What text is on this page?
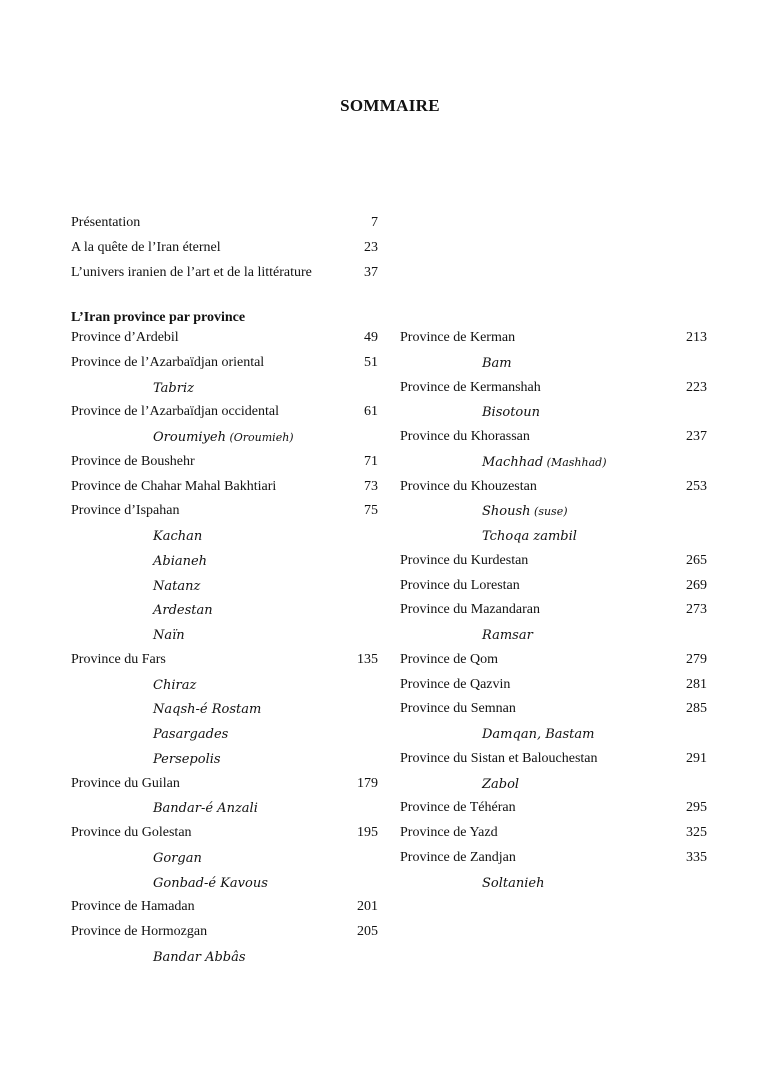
SOMMAIRE
Présentation	7
A la quête de l’Iran éternel	23
L’univers iranien de l’art et de la littérature	37
L’Iran province par province
Province d’Ardebil	49
Province de l’Azarbaïdjan oriental	51
Tabriz
Province de l’Azarbaïdjan occidental	61
Oroumiyeh (Oroumieh)
Province de Boushehr	71
Province de Chahar Mahal Bakhtiari	73
Province d’Ispahan	75
Kachan
Abianeh
Natanz
Ardestan
Naïn
Province du Fars	135
Chiraz
Naqsh-é Rostam
Pasargades
Persepolis
Province du Guilan	179
Bandar-é Anzali
Province du Golestan	195
Gorgan
Gonbad-é Kavous
Province de Hamadan	201
Province de Hormozgan	205
Bandar Abbâs
Province de Kerman	213
Bam
Province de Kermanshah	223
Bisotoun
Province du Khorassan	237
Machhad (Mashhad)
Province du Khouzestan	253
Shoush (suse)
Tchoqa zambil
Province du Kurdestan	265
Province du Lorestan	269
Province du Mazandaran	273
Ramsar
Province de Qom	279
Province de Qazvin	281
Province du Semnan	285
Damqan, Bastam
Province du Sistan et Balouchestan	291
Zabol
Province de Téhéran	295
Province de Yazd	325
Province de Zandjan	335
Soltanieh
